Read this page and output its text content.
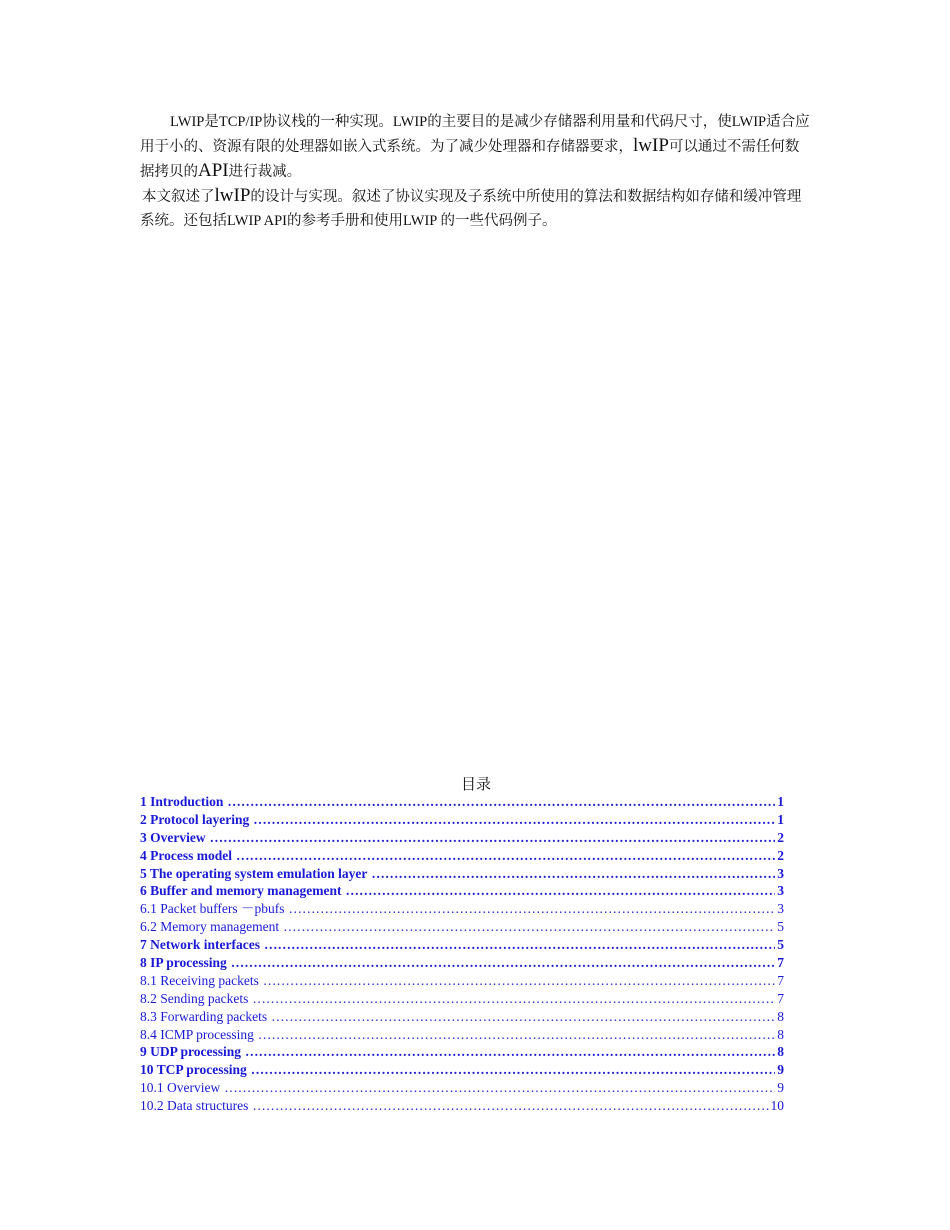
LWIP是TCP/IP协议栈的一种实现。LWIP的主要目的是减少存储器利用量和代码尺寸，使LWIP适合应用于小的、资源有限的处理器如嵌入式系统。为了减少处理器和存储器要求，lwIP可以通过不需任何数据拷贝的API进行裁减。

本文叙述了lwIP的设计与实现。叙述了协议实现及子系统中所使用的算法和数据结构如存储和缓冲管理系统。还包括LWIP API的参考手册和使用LWIP 的一些代码例子。

目录
1 Introduction ……………………………………………………………………………………………………………………………………………………………………………………	1
2 Protocol layering ……………………………………………………………………………………………………………………………………………………………………………………	1
3 Overview ……………………………………………………………………………………………………………………………………………………………………………………	2
4 Process model ……………………………………………………………………………………………………………………………………………………………………………………	2
5 The operating system emulation layer ……………………………………………………………………………………………………………………………………………………………………………………	3
6 Buffer and memory management ……………………………………………………………………………………………………………………………………………………………………………………	3
6.1 Packet buffers －pbufs ……………………………………………………………………………………………………………………………………………………………………………………	3
6.2 Memory management ……………………………………………………………………………………………………………………………………………………………………………………	5
7 Network interfaces ……………………………………………………………………………………………………………………………………………………………………………………	5
8 IP processing ……………………………………………………………………………………………………………………………………………………………………………………	7
8.1 Receiving packets ……………………………………………………………………………………………………………………………………………………………………………………	7
8.2 Sending packets ……………………………………………………………………………………………………………………………………………………………………………………	7
8.3 Forwarding packets ……………………………………………………………………………………………………………………………………………………………………………………	8
8.4 ICMP processing ……………………………………………………………………………………………………………………………………………………………………………………	8
9 UDP processing ……………………………………………………………………………………………………………………………………………………………………………………	8
10 TCP processing ……………………………………………………………………………………………………………………………………………………………………………………	9
10.1 Overview ……………………………………………………………………………………………………………………………………………………………………………………	9
10.2 Data structures ……………………………………………………………………………………………………………………………………………………………………………………	10
